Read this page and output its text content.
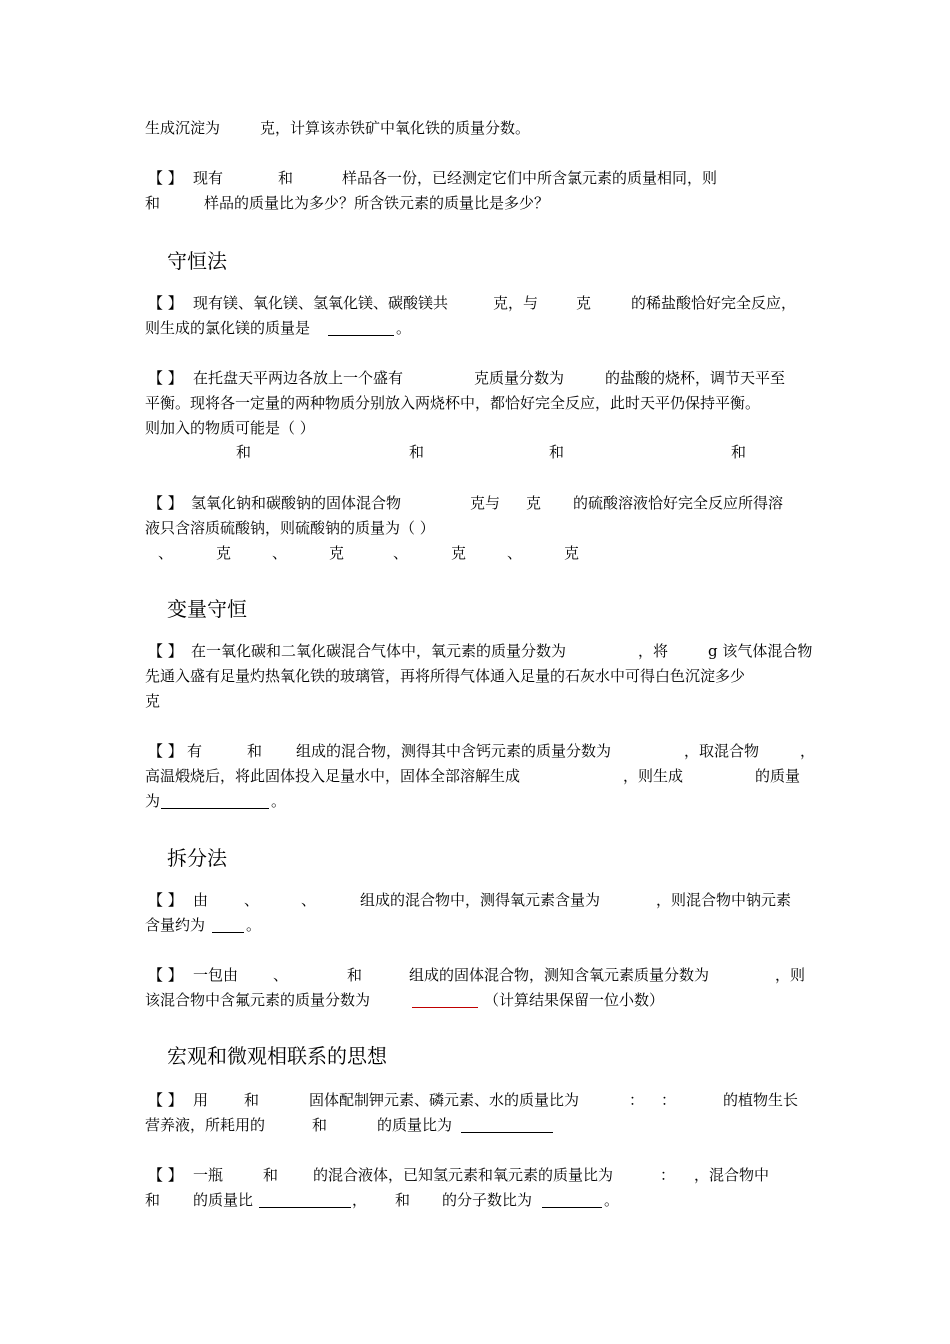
生成沉淀为	克，计算该赤铁矿中氧化铁的质量分数。
【 】 现有	和	样品各一份，已经测定它们中所含氯元素的质量相同，则
和	样品的质量比为多少？所含铁元素的质量比是多少？
守恒法
【 】 现有镁、氧化镁、氢氧化镁、碳酸镁共	克，与	克	的稀盐酸恰好完全反应，
则生成的氯化镁的质量是	。
【 】 在托盘天平两边各放上一个盛有	克质量分数为	的盐酸的烧杯，调节天平至
平衡。现将各一定量的两种物质分别放入两烧杯中，都恰好完全反应，此时天平仍保持平衡。
则加入的物质可能是（ ）
和	和	和	和
【 】 氢氧化钠和碳酸钠的固体混合物	克与 克 的硫酸溶液恰好完全反应所得溶
液只含溶质硫酸钠，则硫酸钠的质量为（ ）
、	克	、	克	、	克	、	克
变量守恒
【 】 在一氧化碳和二氧化碳混合气体中，氧元素的质量分数为	，将	g 该气体混合物
先通入盛有足量灼热氧化铁的玻璃管，再将所得气体通入足量的石灰水中可得白色沉淀多少
克
【 】 有	和 组成的混合物，测得其中含钙元素的质量分数为	，取混合物	，
高温煅烧后，将此固体投入足量水中，固体全部溶解生成	，则生成	的质量
为	。
拆分法
【 】 由 、	、	组成的混合物中，测得氧元素含量为	，则混合物中钠元素
含量约为	。
【 】 一包由 、	和	组成的固体混合物，测知含氧元素质量分数为	，则
该混合物中含氟元素的质量分数为	（计算结果保留一位小数）
宏观和微观相联系的思想
【 】 用 和	固体配制钾元素、磷元素、水的质量比为	： ：	的植物生长
营养液，所耗用的	和	的质量比为
【 】 一瓶	和 的混合液体，已知氢元素和氧元素的质量比为	： ，混合物中
和 的质量比	， 和 的分子数比为	。
